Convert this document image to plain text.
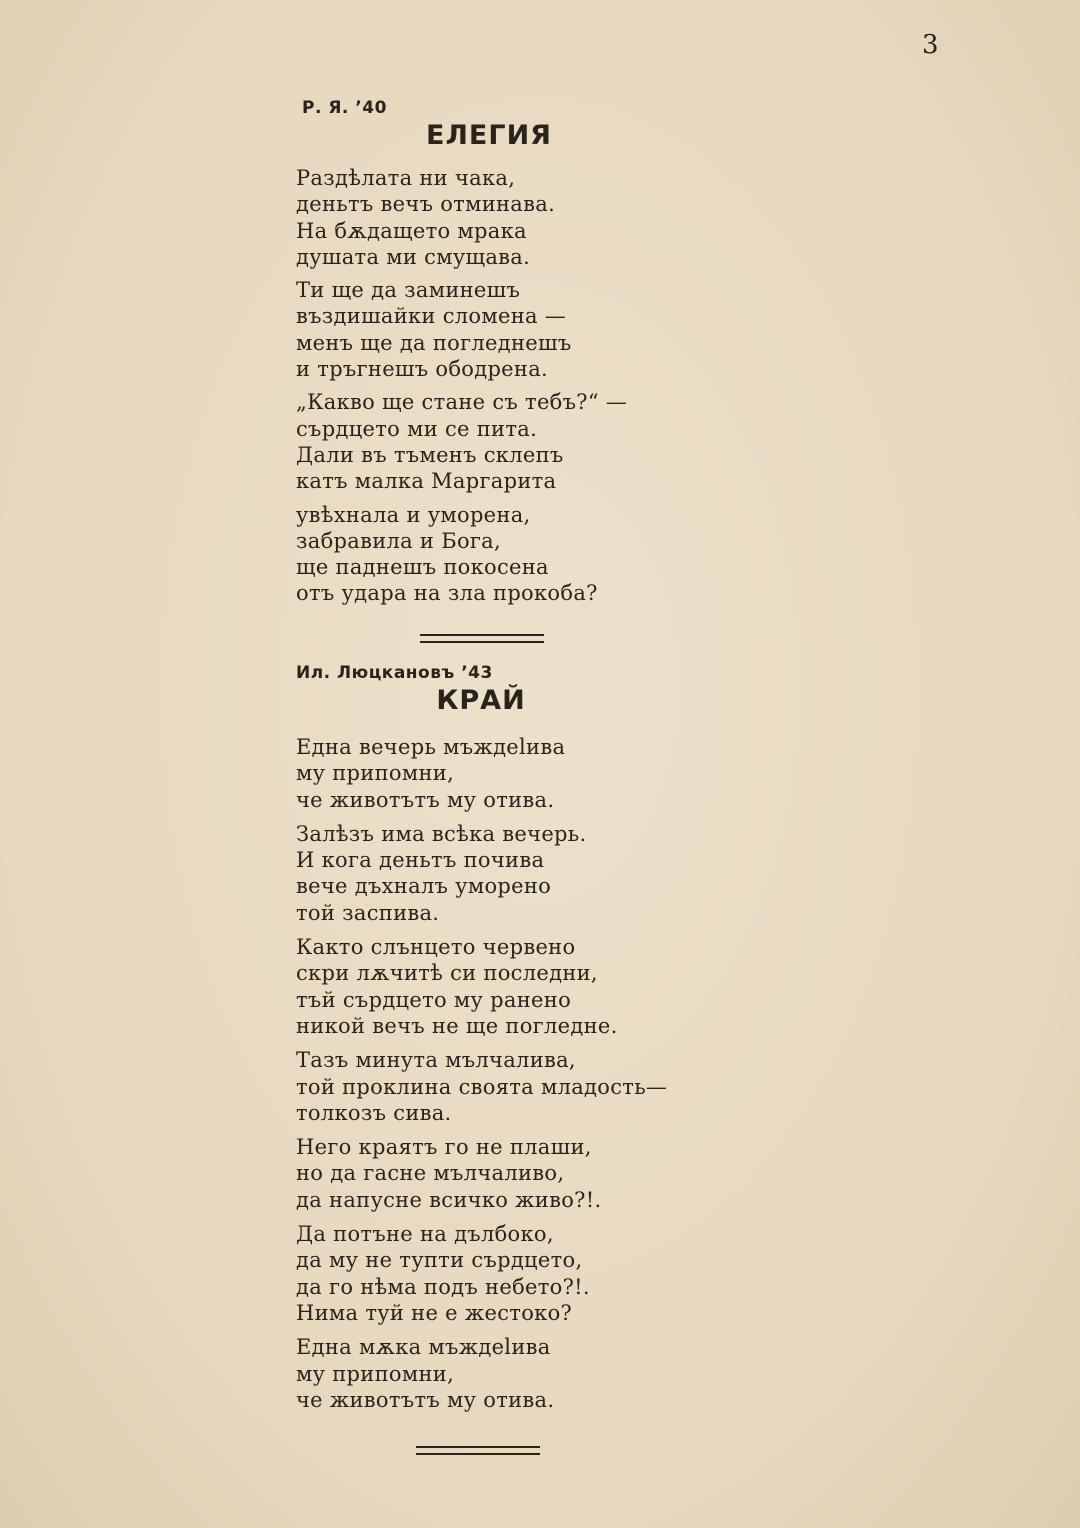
3

Р. Я. ’40

ЕЛЕГИЯ

Раздѣлата ни чака,
деньтъ вечъ отминава.
На бѫдащето мрака
душата ми смущава.
Ти ще да заминешъ
въздишайки сломена —
менъ ще да погледнешъ
и тръгнешъ ободрена.
„Какво ще стане съ тебъ?“ —
сърдцето ми се пита.
Дали въ тъменъ склепъ
катъ малка Маргарита
увѣхнала и уморена,
забравила и Бога,
ще паднешъ покосена
отъ удара на зла прокоба?

Ил. Люцкановъ ’43

КРАЙ

Една вечерь мъждelива
му припомни,
че животътъ му отива.
Залѣзъ има всѣка вечерь.
И кога деньтъ почива
вече дъхналъ уморено
той заспива.
Както слънцето червено
скри лѫчитѣ си последни,
тъй сърдцето му ранено
никой вечъ не ще погледне.
Тазъ минута мълчалива,
той проклина своята младость—
толкозъ сива.
Него краятъ го не плаши,
но да гасне мълчаливо,
да напусне всичко живо?!.
Да потъне на дълбоко,
да му не тупти сърдцето,
да го нѣма подъ небето?!.
Нима туй не е жестоко?
Една мѫка мъждelива
му припомни,
че животътъ му отива.
